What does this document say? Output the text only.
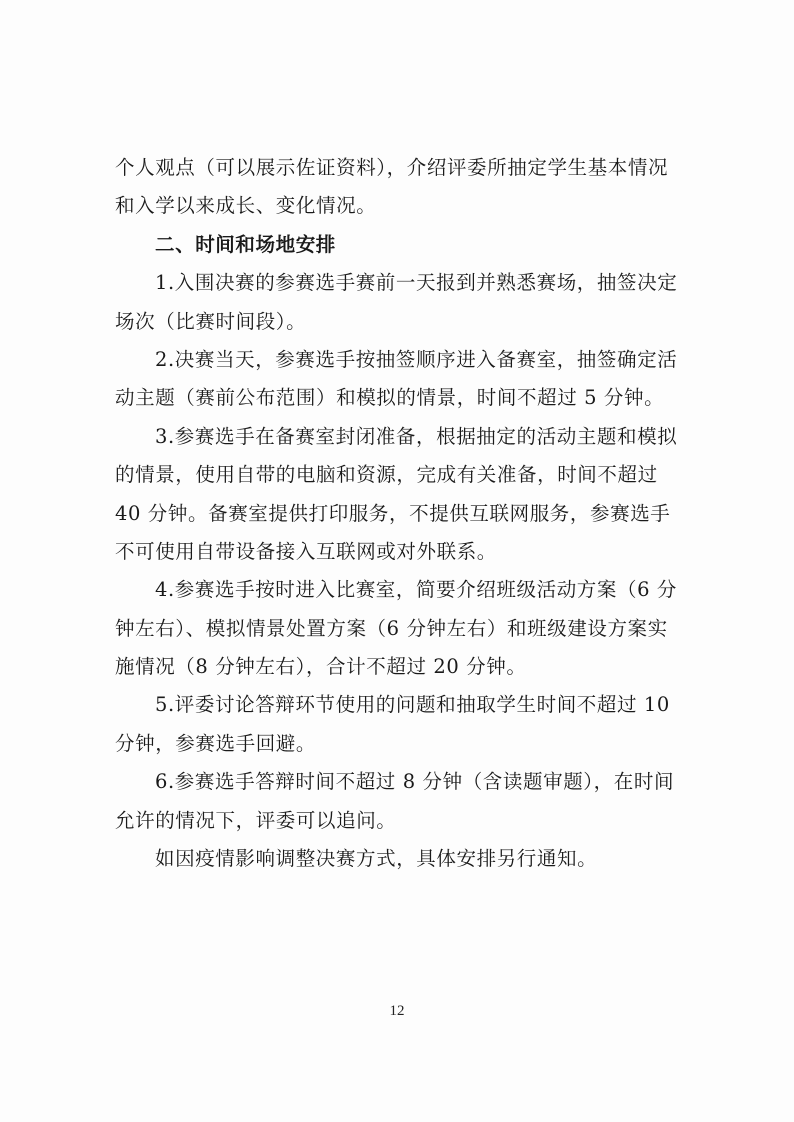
个人观点（可以展示佐证资料），介绍评委所抽定学生基本情况
和入学以来成长、变化情况。
二、时间和场地安排
1.入围决赛的参赛选手赛前一天报到并熟悉赛场，抽签决定
场次（比赛时间段）。
2.决赛当天，参赛选手按抽签顺序进入备赛室，抽签确定活
动主题（赛前公布范围）和模拟的情景，时间不超过 5 分钟。
3.参赛选手在备赛室封闭准备，根据抽定的活动主题和模拟
的情景，使用自带的电脑和资源，完成有关准备，时间不超过
40 分钟。备赛室提供打印服务，不提供互联网服务，参赛选手
不可使用自带设备接入互联网或对外联系。
4.参赛选手按时进入比赛室，简要介绍班级活动方案（6 分
钟左右）、模拟情景处置方案（6 分钟左右）和班级建设方案实
施情况（8 分钟左右），合计不超过 20 分钟。
5.评委讨论答辩环节使用的问题和抽取学生时间不超过 10
分钟，参赛选手回避。
6.参赛选手答辩时间不超过 8 分钟（含读题审题），在时间
允许的情况下，评委可以追问。
如因疫情影响调整决赛方式，具体安排另行通知。
12
